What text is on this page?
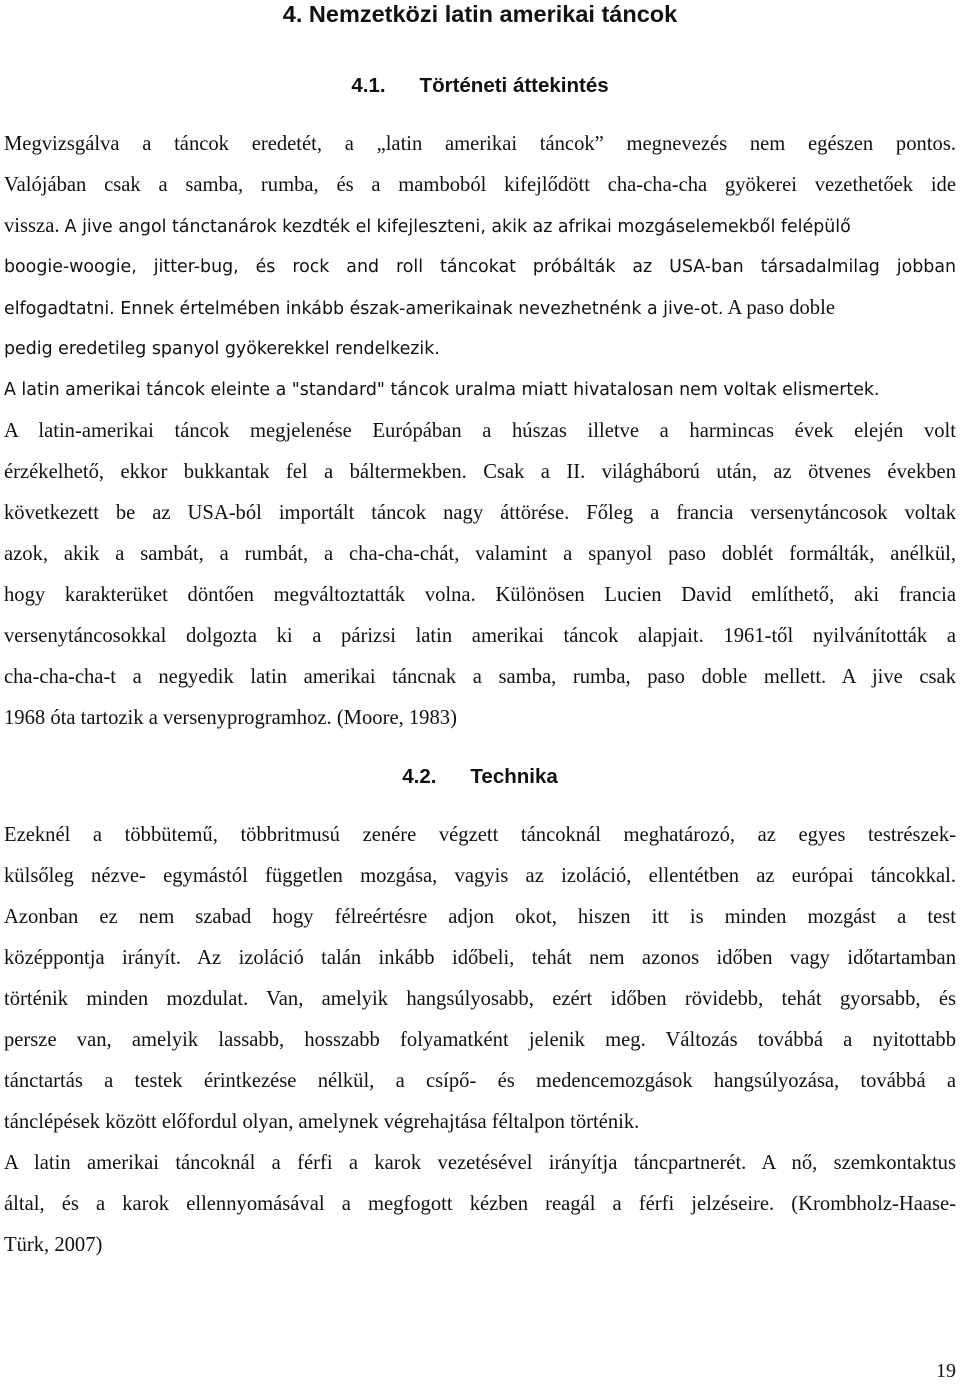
4. Nemzetközi latin amerikai táncok
4.1. Történeti áttekintés
Megvizsgálva a táncok eredetét, a „latin amerikai táncok” megnevezés nem egészen pontos.
Valójában csak a samba, rumba, és a mamboból kifejlődött cha-cha-cha gyökerei vezethetőek ide
vissza. A jive angol tánctanárok kezdték el kifejleszteni, akik az afrikai mozgáselemekből felépülő
boogie-woogie, jitter-bug, és rock and roll táncokat próbálták az USA-ban társadalmilag jobban
elfogadtatni. Ennek értelmében inkább észak-amerikainak nevezhetnénk a jive-ot. A paso doble
pedig eredetileg spanyol gyökerekkel rendelkezik.
A latin amerikai táncok eleinte a "standard" táncok uralma miatt hivatalosan nem voltak elismertek.
A latin-amerikai táncok megjelenése Európában a húszas illetve a harmincas évek elején volt
érzékelhető, ekkor bukkantak fel a báltermekben. Csak a II. világháború után, az ötvenes években
következett be az USA-ból importált táncok nagy áttörése. Főleg a francia versenytáncosok voltak
azok, akik a sambát, a rumbát, a cha-cha-chát, valamint a spanyol paso doblét formálták, anélkül,
hogy karakterüket döntően megváltoztatták volna. Különösen Lucien David említhető, aki francia
versenytáncosokkal dolgozta ki a párizsi latin amerikai táncok alapjait. 1961-től nyilvánították a
cha-cha-cha-t a negyedik latin amerikai táncnak a samba, rumba, paso doble mellett. A jive csak
1968 óta tartozik a versenyprogramhoz. (Moore, 1983)
4.2. Technika
Ezeknél a többütemű, többritmusú zenére végzett táncoknál meghatározó, az egyes testrészek-
külsőleg nézve- egymástól független mozgása, vagyis az izoláció, ellentétben az európai táncokkal.
Azonban ez nem szabad hogy félreértésre adjon okot, hiszen itt is minden mozgást a test
középpontja irányít. Az izoláció talán inkább időbeli, tehát nem azonos időben vagy időtartamban
történik minden mozdulat. Van, amelyik hangsúlyosabb, ezért időben rövidebb, tehát gyorsabb, és
persze van, amelyik lassabb, hosszabb folyamatként jelenik meg. Változás továbbá a nyitottabb
tánctartás a testek érintkezése nélkül, a csípő- és medencemozgások hangsúlyozása, továbbá a
tánclépések között előfordul olyan, amelynek végrehajtása féltalpon történik.
A latin amerikai táncoknál a férfi a karok vezetésével irányítja táncpartnerét. A nő, szemkontaktus
által, és a karok ellennyomásával a megfogott kézben reagál a férfi jelzéseire. (Krombholz-Haase-
Türk, 2007)
19
